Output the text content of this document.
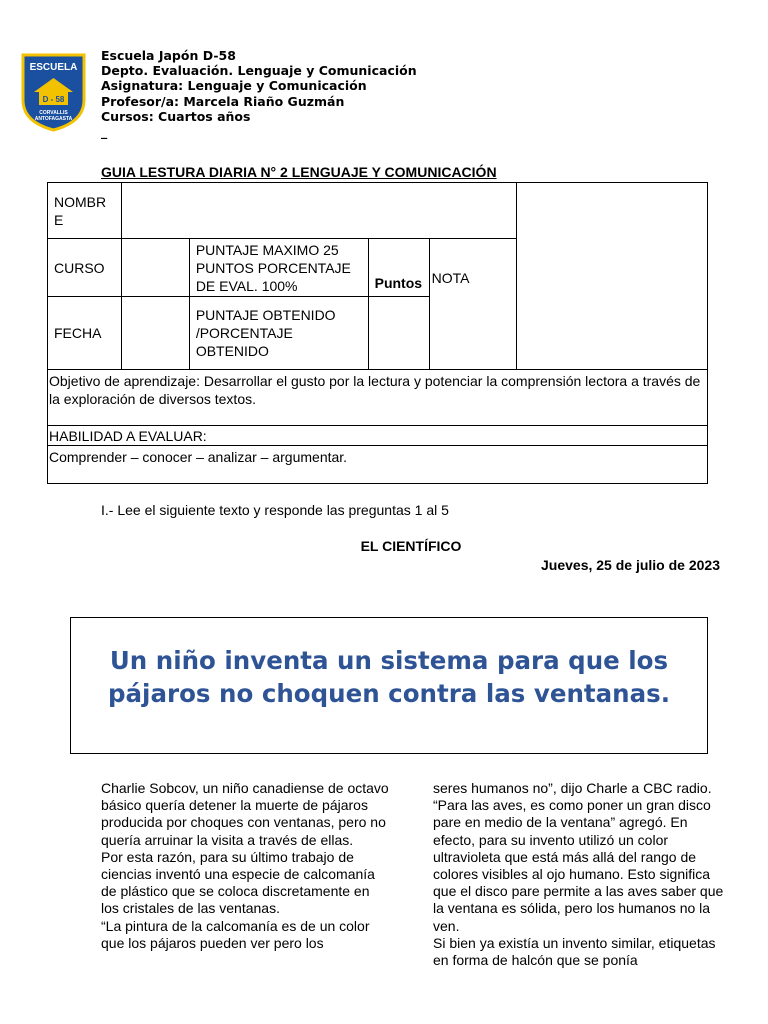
ESCUELA
D - 58
CORVALLIS
ANTOFAGASTA
Escuela Japón D-58
Depto. Evaluación. Lenguaje y Comunicación
Asignatura: Lenguaje y Comunicación
Profesor/a: Marcela Riaño Guzmán
Cursos: Cuartos años
_
GUIA LESTURA DIARIA N° 2 LENGUAJE Y COMUNICACIÓN
NOMBRE					
CURSO		PUNTAJE MAXIMO 25 PUNTOS PORCENTAJE DE EVAL. 100%	Puntos	NOTA	
FECHA		PUNTAJE OBTENIDO /PORCENTAJE OBTENIDO			
Objetivo de aprendizaje: Desarrollar el gusto por la lectura y potenciar la comprensión lectora a través de la exploración de diversos textos.					
HABILIDAD A EVALUAR:					
Comprender – conocer – analizar – argumentar.					
I.- Lee el siguiente texto y responde las preguntas 1 al 5
EL CIENTÍFICO
Jueves, 25 de julio de 2023
Un niño inventa un sistema para que los pájaros no choquen contra las ventanas.

Charlie Sobcov, un niño canadiense de octavo básico quería detener la muerte de pájaros producida por choques con ventanas, pero no quería arruinar la visita a través de ellas.

Por esta razón, para su último trabajo de ciencias inventó una especie de calcomanía de plástico que se coloca discretamente en los cristales de las ventanas.

“La pintura de la calcomanía es de un color que los pájaros pueden ver pero los

seres humanos no”, dijo Charle a CBC radio. “Para las aves, es como poner un gran disco pare en medio de la ventana” agregó. En efecto, para su invento utilizó un color ultravioleta que está más allá del rango de colores visibles al ojo humano. Esto significa que el disco pare permite a las aves saber que la ventana es sólida, pero los humanos no la ven.

Si bien ya existía un invento similar, etiquetas en forma de halcón que se ponía
